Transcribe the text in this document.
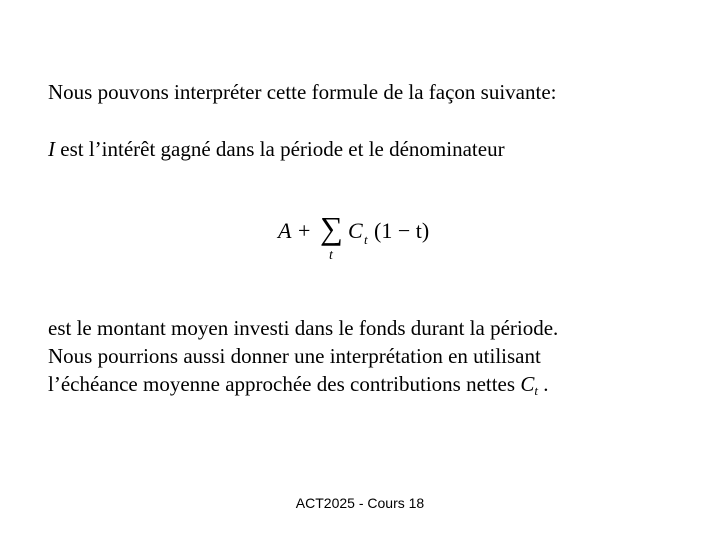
Nous pouvons interpréter cette formule de la façon suivante:
I est l’intérêt gagné dans la période et le dénominateur
A + ∑
t
C t (1 − t)
est le montant moyen investi dans le fonds durant la période.
Nous pourrions aussi donner une interprétation en utilisant
l’échéance moyenne approchée des contributions nettes $C_t$ .
ACT2025 - Cours 18
